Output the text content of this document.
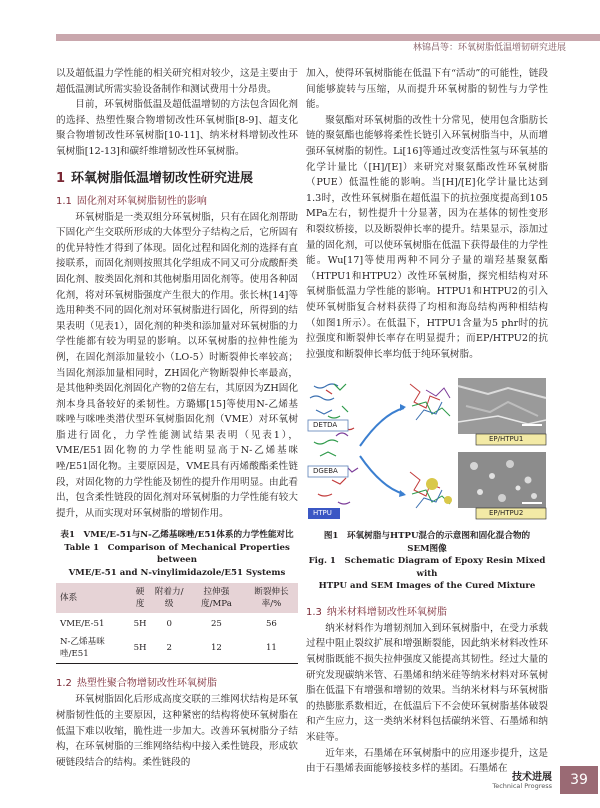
林锦昌等：环氧树脂低温增韧研究进展

以及超低温力学性能的相关研究相对较少，这是主要由于超低温测试所需实验设备制作和测试费用十分昂贵。

目前，环氧树脂低温及超低温增韧的方法包含固化剂的选择、热塑性聚合物增韧改性环氧树脂[8-9]、超支化聚合物增韧改性环氧树脂[10-11]、纳米材料增韧改性环氧树脂[12-13]和碳纤维增韧改性环氧树脂。

1 环氧树脂低温增韧改性研究进展
1.1 固化剂对环氧树脂韧性的影响

环氧树脂是一类双组分环氧树脂，只有在固化剂帮助下固化产生交联所形成的大体型分子结构之后，它所固有的优异特性才得到了体现。固化过程和固化剂的选择有直接联系，而固化剂则按照其化学组成不同又可分成酸酐类固化剂、胺类固化剂和其他树脂用固化剂等。使用各种固化剂，将对环氧树脂强度产生很大的作用。张长林[14]等选用种类不同的固化剂对环氧树脂进行固化，所得到的结果表明（见表1），固化剂的种类和添加量对环氧树脂的力学性能都有较为明显的影响。以环氧树脂的拉伸性能为例，在固化剂添加量较小（LO-5）时断裂伸长率较高；当固化剂添加量相同时，ZH固化产物断裂伸长率最高，是其他种类固化剂固化产物的2倍左右，其原因为ZH固化剂本身具备较好的柔韧性。方璐娜[15]等使用N-乙烯基咪唑与咪唑类潜伏型环氧树脂固化剂（VME）对环氧树脂进行固化，力学性能测试结果表明（见表1），VME/E51固化物的力学性能明显高于N-乙烯基咪唑/E51固化物。主要原因是，VME具有丙烯酸酯柔性链段，对固化物的力学性能及韧性的提升作用明显。由此看出，包含柔性链段的固化剂对环氧树脂的力学性能有较大提升，从而实现对环氧树脂的增韧作用。

表1　VME/E-51与N-乙烯基咪唑/E51体系的力学性能对比
Table 1　Comparison of Mechanical Properties between
VME/E-51 and N-vinylimidazole/E51 Systems
体系	硬度	附着力/级	拉伸强度/MPa	断裂伸长率/%
VME/E-51	5H	0	25	56
N-乙烯基咪唑/E51	5H	2	12	11
1.2 热塑性聚合物增韧改性环氧树脂

环氧树脂固化后形成高度交联的三维网状结构是环氧树脂韧性低的主要原因，这种紧密的结构将使环氧树脂在低温下难以收缩，脆性进一步加大。改善环氧树脂分子结构，在环氧树脂的三维网络结构中接入柔性链段，形成软硬链段结合的结构。柔性链段的

加入，使得环氧树脂能在低温下有“活动”的可能性，链段间能够旋转与压缩，从而提升环氧树脂的韧性与力学性能。

聚氨酯对环氧树脂的改性十分常见，使用包含脂肪长链的聚氨酯也能够将柔性长链引入环氧树脂当中，从而增强环氧树脂的韧性。Li[16]等通过改变活性氢与环氧基的化学计量比（[H]/[E]）来研究对聚氨酯改性环氧树脂（PUE）低温性能的影响。当[H]/[E]化学计量比达到1.3时，改性环氧树脂在超低温下的抗拉强度提高到105 MPa左右，韧性提升十分显著，因为在基体的韧性变形和裂纹桥接，以及断裂伸长率的提升。结果显示，添加过量的固化剂，可以使环氧树脂在低温下获得最佳的力学性能。Wu[17]等使用两种不同分子量的端羟基聚氨酯（HTPU1和HTPU2）改性环氧树脂，探究相结构对环氧树脂低温力学性能的影响。HTPU1和HTPU2的引入使环氧树脂复合材料获得了均相和海岛结构两种相结构（如图1所示）。在低温下，HTPU1含量为5 phr时的抗拉强度和断裂伸长率存在明显提升；而EP/HTPU2的抗拉强度和断裂伸长率均低于纯环氧树脂。

DETDA
DGEBA
HTPU
EP/HTPU1
EP/HTPU2
图1　环氧树脂与HTPU混合的示意图和固化混合物的
SEM图像
Fig. 1　Schematic Diagram of Epoxy Resin Mixed with
HTPU and SEM Images of the Cured Mixture
1.3 纳米材料增韧改性环氧树脂

纳米材料作为增韧剂加入到环氧树脂中，在受力承载过程中阻止裂纹扩展和增强断裂能，因此纳米材料改性环氧树脂既能不损失拉伸强度又能提高其韧性。经过大量的研究发现碳纳米管、石墨烯和纳米硅等纳米材料对环氧树脂在低温下有增强和增韧的效果。当纳米材料与环氧树脂的热膨胀系数相近，在低温后下不会使环氧树脂基体破裂和产生应力，这一类纳米材料包括碳纳米管、石墨烯和纳米硅等。

近年来，石墨烯在环氧树脂中的应用逐步提升，这是由于石墨烯表面能够接枝多样的基团。石墨烯在

技术进展
Technical Progress	39
